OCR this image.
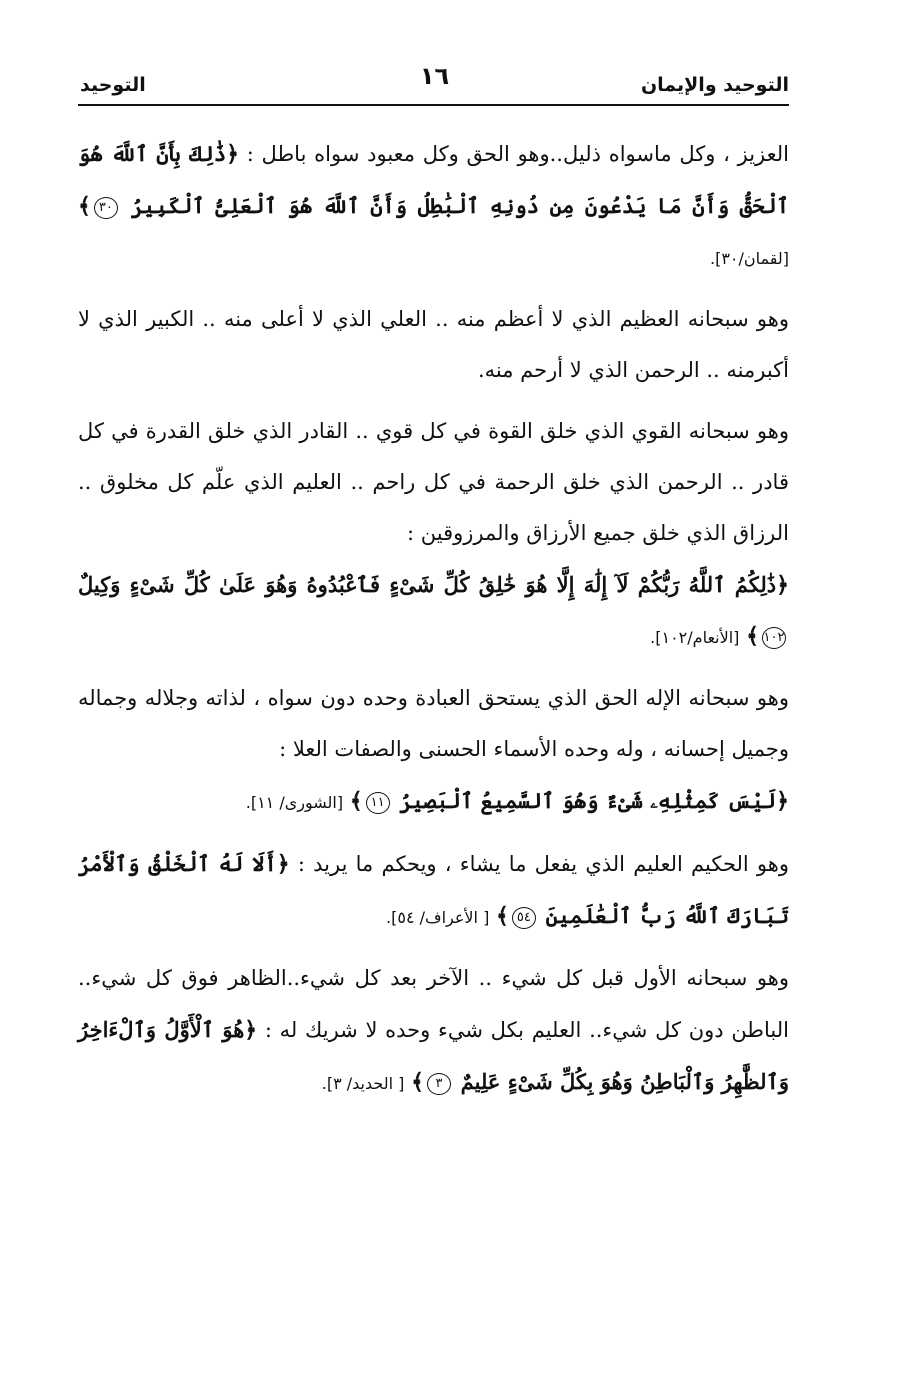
التوحيد والإيمان
١٦
التوحيد

العزيز ، وكل ماسواه ذليل..وهو الحق وكل معبود سواه باطل : ﴿ذَٰلِكَ بِأَنَّ ٱللَّهَ هُوَ ٱلْحَقُّ وَأَنَّ مَا يَدْعُونَ مِن دُونِهِ ٱلْبَٰطِلُ وَأَنَّ ٱللَّهَ هُوَ ٱلْعَلِىُّ ٱلْكَبِيرُ ٣٠﴾ [لقمان/٣٠].

وهو سبحانه العظيم الذي لا أعظم منه .. العلي الذي لا أعلى منه .. الكبير الذي لا أكبرمنه .. الرحمن الذي لا أرحم منه.

وهو سبحانه القوي الذي خلق القوة في كل قوي .. القادر الذي خلق القدرة في كل قادر .. الرحمن الذي خلق الرحمة في كل راحم .. العليم الذي علّم كل مخلوق .. الرزاق الذي خلق جميع الأرزاق والمرزوقين :
﴿ذَٰلِكُمُ ٱللَّهُ رَبُّكُمْ لَآ إِلَٰهَ إِلَّا هُوَ خَٰلِقُ كُلِّ شَىْءٍ فَٱعْبُدُوهُ وَهُوَ عَلَىٰ كُلِّ شَىْءٍ وَكِيلٌ ١٠٢﴾ [الأنعام/١٠٢].

وهو سبحانه الإله الحق الذي يستحق العبادة وحده دون سواه ، لذاته وجلاله وجماله وجميل إحسانه ، وله وحده الأسماء الحسنى والصفات العلا :
﴿لَيْسَ كَمِثْلِهِۦ شَىْءٌ وَهُوَ ٱلسَّمِيعُ ٱلْبَصِيرُ ١١﴾ [الشورى/ ١١].

وهو الحكيم العليم الذي يفعل ما يشاء ، ويحكم ما يريد : ﴿أَلَا لَهُ ٱلْخَلْقُ وَٱلْأَمْرُ تَبَارَكَ ٱللَّهُ رَبُّ ٱلْعَٰلَمِينَ ٥٤﴾ [ الأعراف/ ٥٤].

وهو سبحانه الأول قبل كل شيء .. الآخر بعد كل شيء..الظاهر فوق كل شيء.. الباطن دون كل شيء.. العليم بكل شيء وحده لا شريك له : ﴿هُوَ ٱلْأَوَّلُ وَٱلْءَاخِرُ وَٱلظَّٰهِرُ وَٱلْبَاطِنُ وَهُوَ بِكُلِّ شَىْءٍ عَلِيمٌ ٣﴾ [ الحديد/ ٣].
